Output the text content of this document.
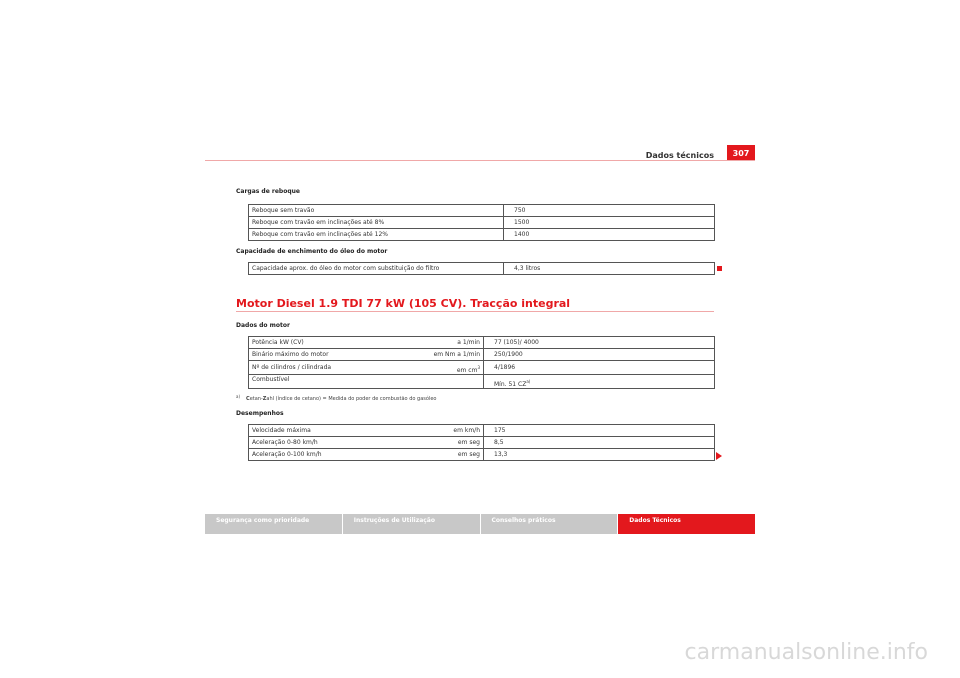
Dados técnicos	307
Cargas de reboque
Reboque sem travão	750
Reboque com travão em inclinações até 8%	1500
Reboque com travão em inclinações até 12%	1400
Capacidade de enchimento do óleo do motor
Capacidade aprox. do óleo do motor com substituição do filtro	4,3 litros
Motor Diesel 1.9 TDI 77 kW (105 CV). Tracção integral
Dados do motor
Potência kW (CV)	a 1/min	77 (105)/ 4000
Binário máximo do motor	em Nm a 1/min	250/1900
Nº de cilindros / cilindrada	em $cm^3$	4/1896
Combustível		Mín. 51 CZ$^{a)}$
$^{a)}$ Cetan-Zahl (índice de cetano) = Medida do poder de combustão do gasóleo
Desempenhos
Velocidade máxima	em km/h	175
Aceleração 0-80 km/h	em seg	8,5
Aceleração 0-100 km/h	em seg	13,3
Segurança como prioridade	Instruções de Utilização	Conselhos práticos	Dados Técnicos
carmanualsonline.info
